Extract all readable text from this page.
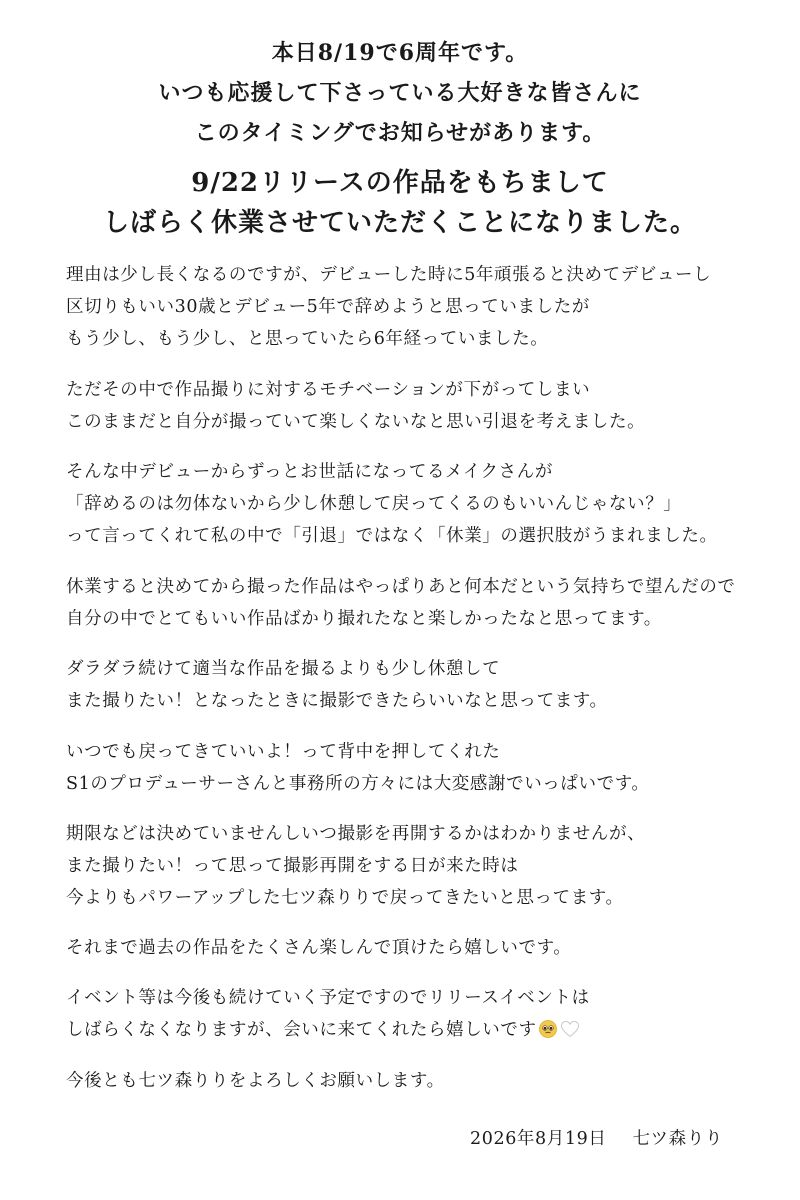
本日8/19で6周年です。
いつも応援して下さっている大好きな皆さんに
このタイミングでお知らせがあります。
9/22リリースの作品をもちまして
しばらく休業させていただくことになりました。
理由は少し長くなるのですが、デビューした時に5年頑張ると決めてデビューし
区切りもいい30歳とデビュー5年で辞めようと思っていましたが
もう少し、もう少し、と思っていたら6年経っていました。
ただその中で作品撮りに対するモチベーションが下がってしまい
このままだと自分が撮っていて楽しくないなと思い引退を考えました。
そんな中デビューからずっとお世話になってるメイクさんが
「辞めるのは勿体ないから少し休憩して戻ってくるのもいいんじゃない？」
って言ってくれて私の中で「引退」ではなく「休業」の選択肢がうまれました。
休業すると決めてから撮った作品はやっぱりあと何本だという気持ちで望んだので
自分の中でとてもいい作品ばかり撮れたなと楽しかったなと思ってます。
ダラダラ続けて適当な作品を撮るよりも少し休憩して
また撮りたい！となったときに撮影できたらいいなと思ってます。
いつでも戻ってきていいよ！って背中を押してくれた
S1のプロデューサーさんと事務所の方々には大変感謝でいっぱいです。
期限などは決めていませんしいつ撮影を再開するかはわかりませんが、
また撮りたい！って思って撮影再開をする日が来た時は
今よりもパワーアップした七ツ森りりで戻ってきたいと思ってます。
それまで過去の作品をたくさん楽しんで頂けたら嬉しいです。
イベント等は今後も続けていく予定ですのでリリースイベントは
しばらくなくなりますが、会いに来てくれたら嬉しいです
今後とも七ツ森りりをよろしくお願いします。
2026年8月19日 七ツ森りり
